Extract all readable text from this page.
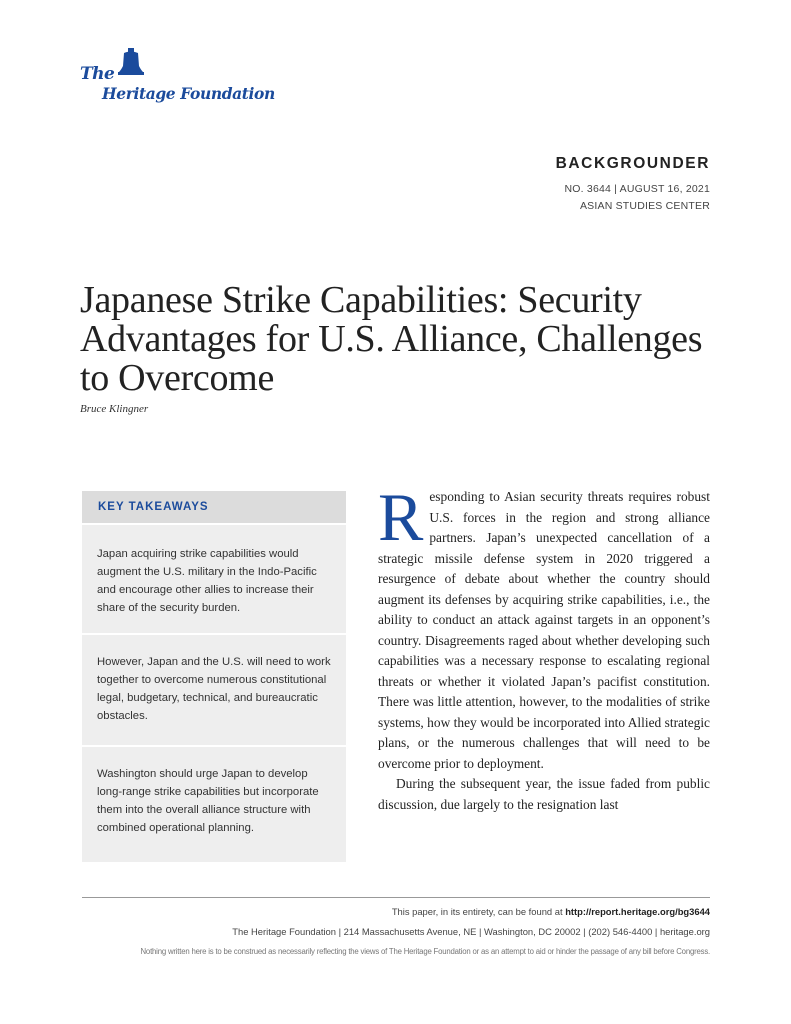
The
Heritage Foundation
BACKGROUNDER
NO. 3644 | AUGUST 16, 2021
ASIAN STUDIES CENTER
Japanese Strike Capabilities: Security Advantages for U.S. Alliance, Challenges to Overcome
Bruce Klingner
KEY TAKEAWAYS
Japan acquiring strike capabilities would augment the U.S. military in the Indo-Pacific and encourage other allies to increase their share of the security burden.
However, Japan and the U.S. will need to work together to overcome numerous constitutional legal, budgetary, technical, and bureaucratic obstacles.
Washington should urge Japan to develop long-range strike capabilities but incorporate them into the overall alliance structure with combined operational planning.

Responding to Asian security threats requires robust U.S. forces in the region and strong alliance partners. Japan’s unexpected cancellation of a strategic missile defense system in 2020 triggered a resurgence of debate about whether the country should augment its defenses by acquiring strike capabilities, i.e., the ability to conduct an attack against targets in an opponent’s country. Disagreements raged about whether developing such capabilities was a necessary response to escalating regional threats or whether it violated Japan’s pacifist constitution. There was little attention, however, to the modalities of strike systems, how they would be incorporated into Allied strategic plans, or the numerous challenges that will need to be overcome prior to deployment.

During the subsequent year, the issue faded from public discussion, due largely to the resignation last

This paper, in its entirety, can be found at http://report.heritage.org/bg3644
The Heritage Foundation | 214 Massachusetts Avenue, NE | Washington, DC 20002 | (202) 546-4400 | heritage.org
Nothing written here is to be construed as necessarily reflecting the views of The Heritage Foundation or as an attempt to aid or hinder the passage of any bill before Congress.
